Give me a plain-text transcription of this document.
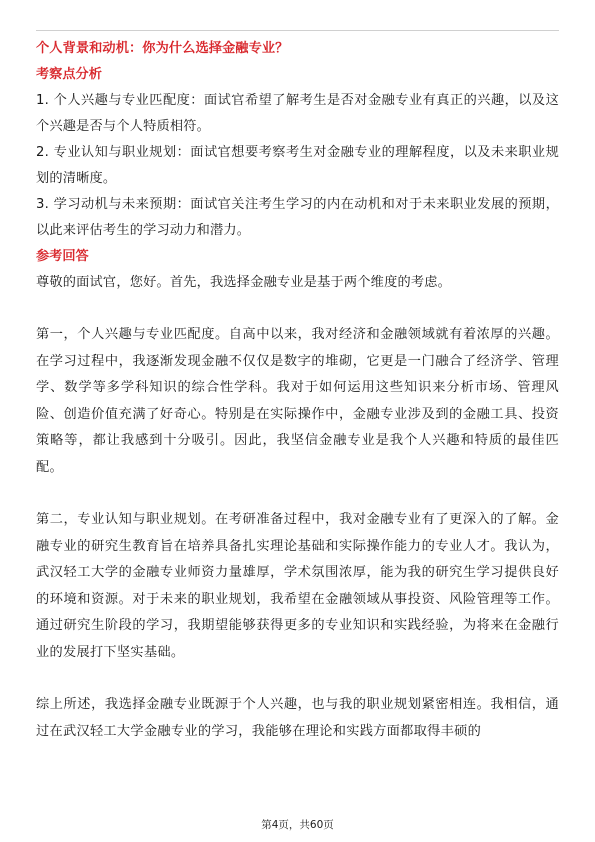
个人背景和动机：你为什么选择金融专业？

考察点分析

1. 个人兴趣与专业匹配度：面试官希望了解考生是否对金融专业有真正的兴趣，以及这个兴趣是否与个人特质相符。

2. 专业认知与职业规划：面试官想要考察考生对金融专业的理解程度，以及未来职业规划的清晰度。

3. 学习动机与未来预期：面试官关注考生学习的内在动机和对于未来职业发展的预期，以此来评估考生的学习动力和潜力。

参考回答

尊敬的面试官，您好。首先，我选择金融专业是基于两个维度的考虑。

第一，个人兴趣与专业匹配度。自高中以来，我对经济和金融领域就有着浓厚的兴趣。在学习过程中，我逐渐发现金融不仅仅是数字的堆砌，它更是一门融合了经济学、管理学、数学等多学科知识的综合性学科。我对于如何运用这些知识来分析市场、管理风险、创造价值充满了好奇心。特别是在实际操作中，金融专业涉及到的金融工具、投资策略等，都让我感到十分吸引。因此，我坚信金融专业是我个人兴趣和特质的最佳匹配。

第二，专业认知与职业规划。在考研准备过程中，我对金融专业有了更深入的了解。金融专业的研究生教育旨在培养具备扎实理论基础和实际操作能力的专业人才。我认为，武汉轻工大学的金融专业师资力量雄厚，学术氛围浓厚，能为我的研究生学习提供良好的环境和资源。对于未来的职业规划，我希望在金融领域从事投资、风险管理等工作。通过研究生阶段的学习，我期望能够获得更多的专业知识和实践经验，为将来在金融行业的发展打下坚实基础。

综上所述，我选择金融专业既源于个人兴趣，也与我的职业规划紧密相连。我相信，通过在武汉轻工大学金融专业的学习，我能够在理论和实践方面都取得丰硕的

第4页，共60页
